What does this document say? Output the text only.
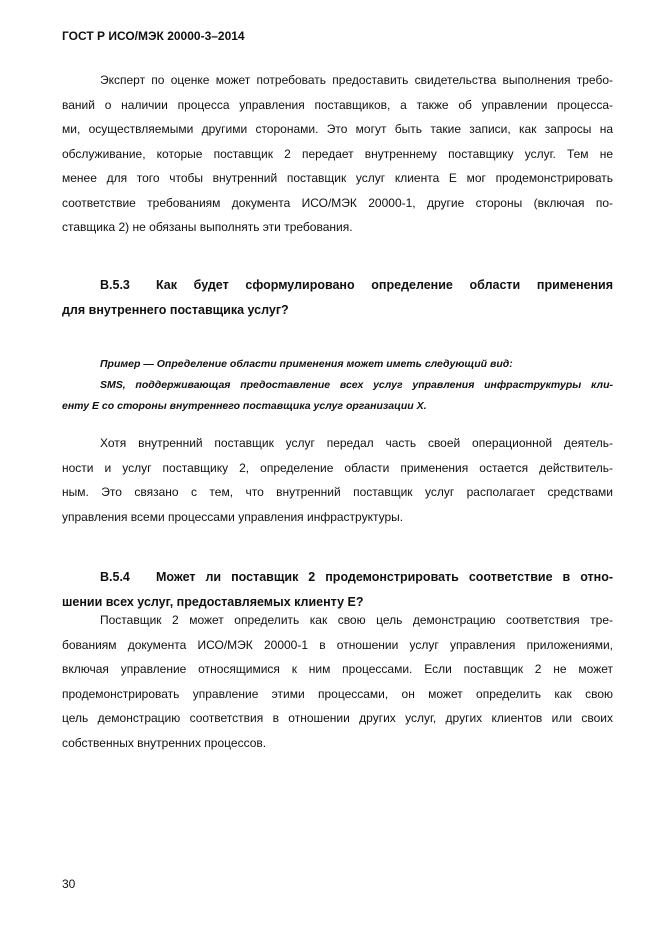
ГОСТ Р ИСО/МЭК 20000-3–2014
Эксперт по оценке может потребовать предоставить свидетельства выполнения требо-
ваний о наличии процесса управления поставщиков, а также об управлении процесса-
ми, осуществляемыми другими сторонами. Это могут быть такие записи, как запросы на
обслуживание, которые поставщик 2 передает внутреннему поставщику услуг. Тем не
менее для того чтобы внутренний поставщик услуг клиента Е мог продемонстрировать
соответствие требованиям документа ИСО/МЭК 20000-1, другие стороны (включая по-
ставщика 2) не обязаны выполнять эти требования.
B.5.3 Как будет сформулировано определение области применения
для внутреннего поставщика услуг?
Пример — Определение области применения может иметь следующий вид:
SMS, поддерживающая предоставление всех услуг управления инфраструктуры кли-
енту Е со стороны внутреннего поставщика услуг организации X.
Хотя внутренний поставщик услуг передал часть своей операционной деятель-
ности и услуг поставщику 2, определение области применения остается действитель-
ным. Это связано с тем, что внутренний поставщик услуг располагает средствами
управления всеми процессами управления инфраструктуры.
B.5.4 Может ли поставщик 2 продемонстрировать соответствие в отно-
шении всех услуг, предоставляемых клиенту Е?
Поставщик 2 может определить как свою цель демонстрацию соответствия тре-
бованиям документа ИСО/МЭК 20000-1 в отношении услуг управления приложениями,
включая управление относящимися к ним процессами. Если поставщик 2 не может
продемонстрировать управление этими процессами, он может определить как свою
цель демонстрацию соответствия в отношении других услуг, других клиентов или своих
собственных внутренних процессов.
30
